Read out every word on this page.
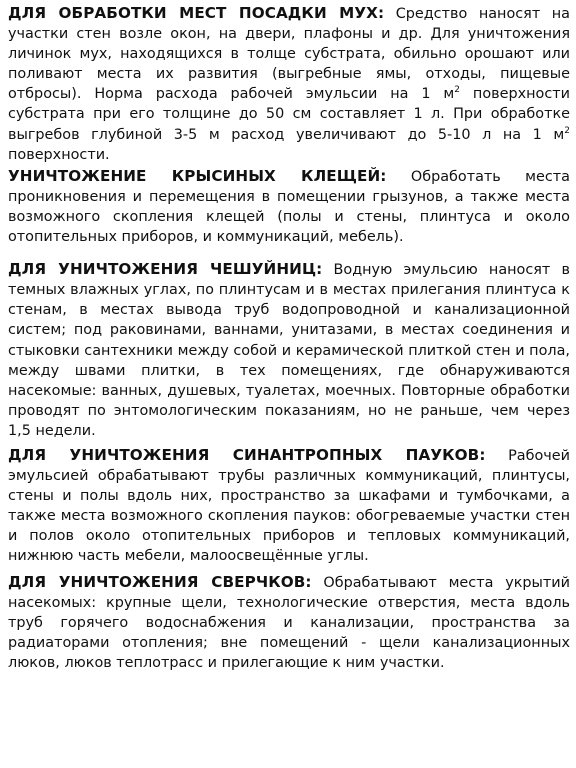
ДЛЯ ОБРАБОТКИ МЕСТ ПОСАДКИ МУХ: Средство наносят на участки стен возле окон, на двери, плафоны и др. Для уничтожения личинок мух, находящихся в толще субстрата, обильно орошают или поливают места их развития (выгребные ямы, отходы, пищевые отбросы). Норма расхода рабочей эмульсии на 1 $м^2$ поверхности субстрата при его толщине до 50 см составляет 1 л. При обработке выгребов глубиной 3-5 м расход увеличивают до 5-10 л на 1 $м^2$ поверхности.

УНИЧТОЖЕНИЕ КРЫСИНЫХ КЛЕЩЕЙ: Обработать места проникновения и перемещения в помещении грызунов, а также места возможного скопления клещей (полы и стены, плинтуса и около отопительных приборов, и коммуникаций, мебель).

ДЛЯ УНИЧТОЖЕНИЯ ЧЕШУЙНИЦ: Водную эмульсию наносят в темных влажных углах, по плинтусам и в местах прилегания плинтуса к стенам, в местах вывода труб водопроводной и канализационной систем; под раковинами, ваннами, унитазами, в местах соединения и стыковки сантехники между собой и керамической плиткой стен и пола, между швами плитки, в тех помещениях, где обнаруживаются насекомые: ванных, душевых, туалетах, моечных. Повторные обработки проводят по энтомологическим показаниям, но не раньше, чем через 1,5 недели.

ДЛЯ УНИЧТОЖЕНИЯ СИНАНТРОПНЫХ ПАУКОВ: Рабочей эмульсией обрабатывают трубы различных коммуникаций, плинтусы, стены и полы вдоль них, пространство за шкафами и тумбочками, а также места возможного скопления пауков: обогреваемые участки стен и полов около отопительных приборов и тепловых коммуникаций, нижнюю часть мебели, малоосвещённые углы.

ДЛЯ УНИЧТОЖЕНИЯ СВЕРЧКОВ: Обрабатывают места укрытий насекомых: крупные щели, технологические отверстия, места вдоль труб горячего водоснабжения и канализации, пространства за радиаторами отопления; вне помещений - щели канализационных люков, люков теплотрасс и прилегающие к ним участки.
